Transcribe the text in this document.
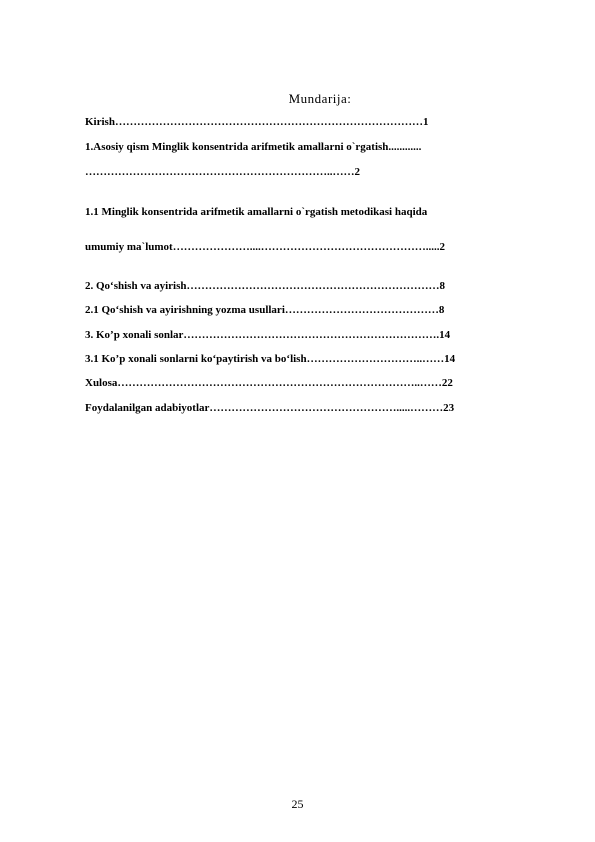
Mundarija:
Kirish…………………………………………………………………………1
1.Asosiy qism Minglik konsentrida arifmetik amallarni o`rgatish............
…………………………………………………………..……2
1.1 Minglik konsentrida arifmetik amallarni o`rgatish metodikasi haqida
umumiy ma`lumot…………………....……………………………………….....2
2. Qo‘shish va ayirish……………………………………………………………8
2.1 Qo‘shish va ayirishning yozma usullari……………………………………8
3. Ko’p xonali sonlar…………………………………………………………….14
3.1 Ko’p xonali sonlarni ko‘paytirish va bo‘lish…………………………..……14
Xulosa………………………………………………………………………..……22
Foydalanilgan adabiyotlar…………………………………………….....………23
25
